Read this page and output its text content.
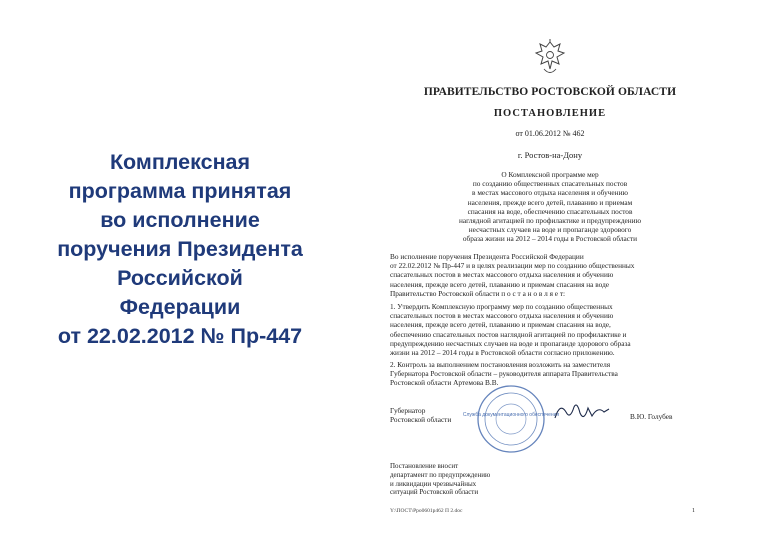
Комплексная
программа принятая
во исполнение
поручения Президента
Российской
Федерации
от 22.02.2012 № Пр-447
ПРАВИТЕЛЬСТВО РОСТОВСКОЙ ОБЛАСТИ
ПОСТАНОВЛЕНИЕ
от 01.06.2012 № 462
г. Ростов-на-Дону
О Комплексной программе мер
по созданию общественных спасательных постов
в местах массового отдыха населения и обучению
населения, прежде всего детей, плаванию и приемам
спасания на воде, обеспечению спасательных постов
наглядной агитацией по профилактике и предупреждению
несчастных случаев на воде и пропаганде здорового
образа жизни на 2012 – 2014 годы в Ростовской области
Во исполнение поручения Президента Российской Федерации
от 22.02.2012 № Пр-447 и в целях реализации мер по созданию общественных
спасательных постов в местах массового отдыха населения и обучению
населения, прежде всего детей, плаванию и приемам спасания на воде
Правительство Ростовской области п о с т а н о в л я е т:
1. Утвердить Комплексную программу мер по созданию общественных
спасательных постов в местах массового отдыха населения и обучению
населения, прежде всего детей, плаванию и приемам спасания на воде,
обеспечению спасательных постов наглядной агитацией по профилактике и
предупреждению несчастных случаев на воде и пропаганде здорового образа
жизни на 2012 – 2014 годы в Ростовской области согласно приложению.
2. Контроль за выполнением постановления возложить на заместителя
Губернатора Ростовской области – руководителя аппарата Правительства
Ростовской области Артемова В.В.
Служба документационного обеспечения
Губернатор
Ростовской области	В.Ю. Голубев
Постановление вносит
департамент по предупреждению
и ликвидации чрезвычайных
ситуаций Ростовской области
Y:\ПОСТ\Рро0601р462 П 2.doc	1
